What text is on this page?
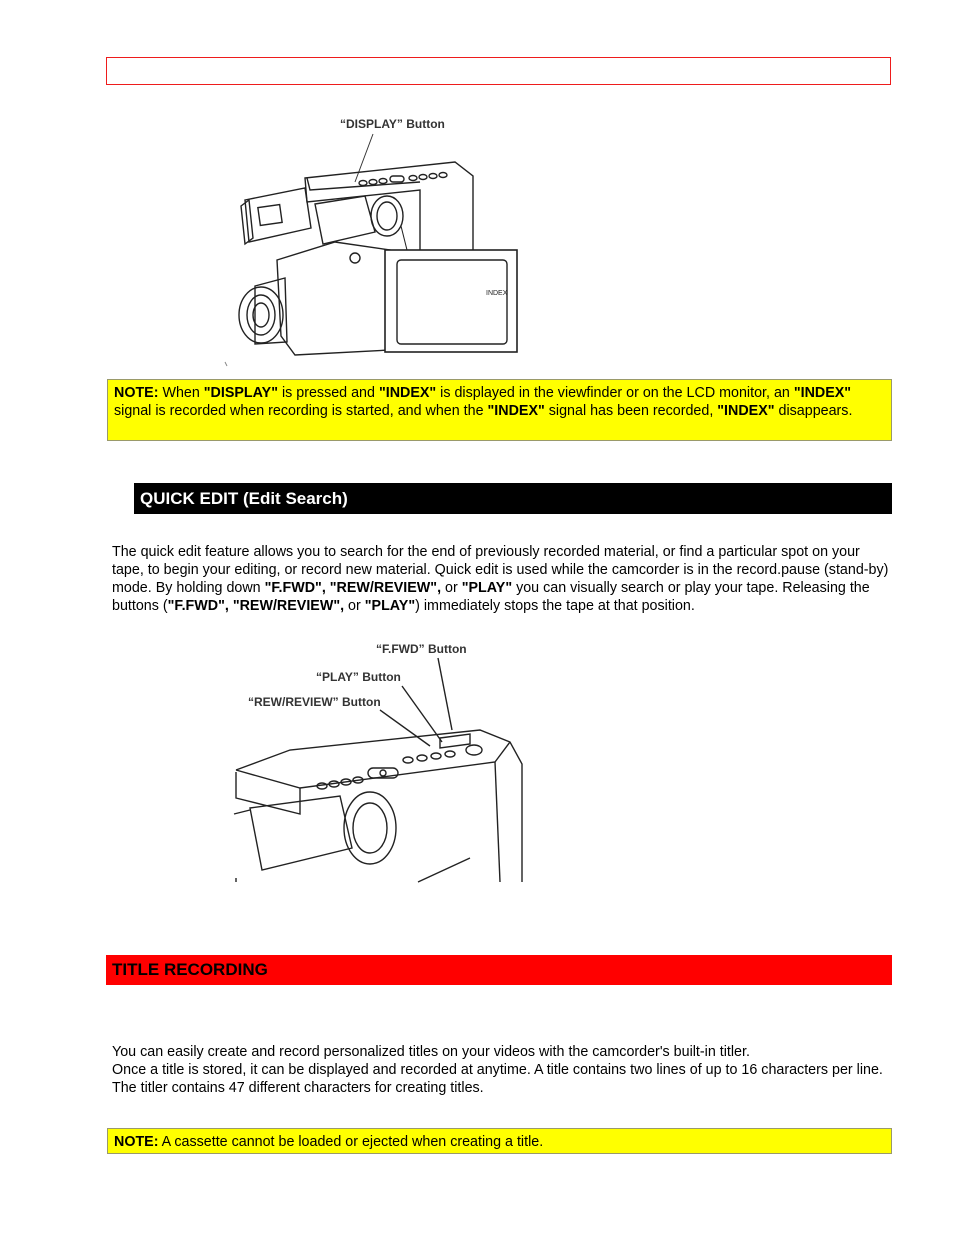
“DISPLAY” Button
INDEX
NOTE: When "DISPLAY" is pressed and "INDEX" is displayed in the viewfinder or on the LCD monitor, an "INDEX" signal is recorded when recording is started, and when the "INDEX" signal has been recorded, "INDEX" disappears.
QUICK EDIT (Edit Search)
The quick edit feature allows you to search for the end of previously recorded material, or find a particular spot on your tape, to begin your editing, or record new material. Quick edit is used while the camcorder is in the record.pause (stand-by) mode. By holding down "F.FWD", "REW/REVIEW", or "PLAY" you can visually search or play your tape. Releasing the buttons ("F.FWD", "REW/REVIEW", or "PLAY") immediately stops the tape at that position.
“F.FWD” Button
“PLAY” Button
“REW/REVIEW” Button
TITLE RECORDING
You can easily create and record personalized titles on your videos with the camcorder's built-in titler.
Once a title is stored, it can be displayed and recorded at anytime. A title contains two lines of up to 16 characters per line.
The titler contains 47 different characters for creating titles.
NOTE: A cassette cannot be loaded or ejected when creating a title.
